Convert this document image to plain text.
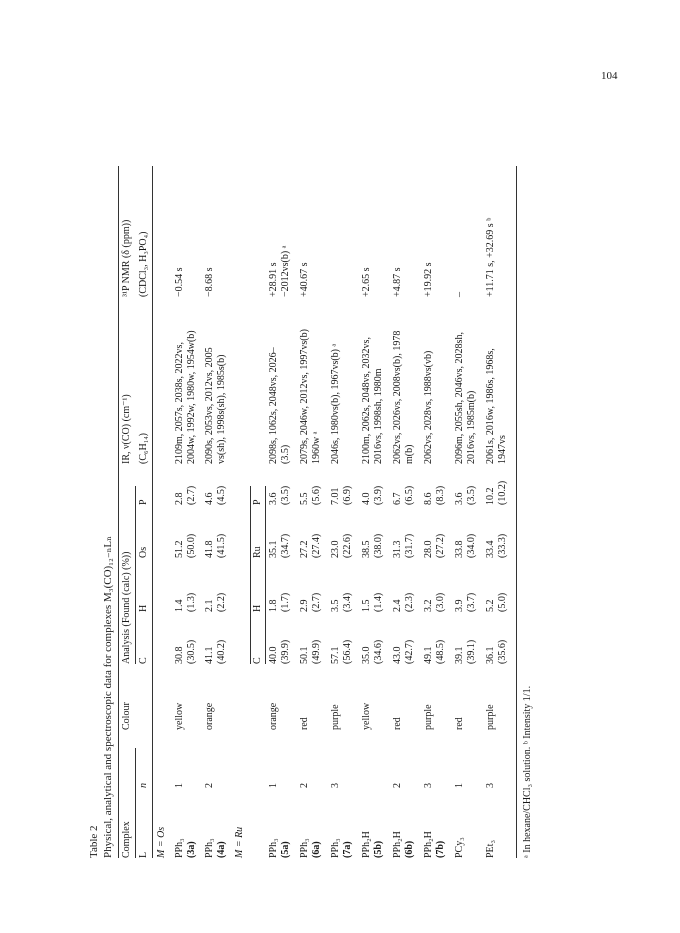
104
Table 2 Physical, analytical and spectroscopic data for complexes M₃(CO)₁₂₋ₙLₙ Complex
Colour
Analysis (Found (calc) (%))
IR, ν(CO) (cm⁻¹)
³¹P NMR (δ (ppm))
L
n
C
H
Os
P
(C₆H₁₄)
(CDCl₃, H₃PO₄)
M = Os PPh₃ (3a)
1
yellow
30.8 (30.5)
1.4 (1.3)
51.2 (50.0)
2.8 (2.7)
2109m, 2057s, 2038s, 2022vs, 2004w, 1992w, 1980w, 1954w(b)
−0.54 s
PPh₃ (4a)
2
orange
41.1 (40.2)
2.1 (2.2)
41.8 (41.5)
4.6 (4.5)
2090s, 2053vs, 2012vs, 2005 vs(sh), 1998s(sh), 1985s(b)
−8.68 s
M = Ru
C
H
Ru
P
PPh₃ (5a)
1
orange
40.0 (39.9)
1.8 (1.7)
35.1 (34.7)
3.6 (3.5)
2098s, 1062s, 2048vs, 2026– (3.5)
+28.91 s −2012vs(b) ᵃ
PPh₃ (6a)
2
red
50.1 (49.9)
2.9 (2.7)
27.2 (27.4)
5.5 (5.6)
2079s, 2046w, 2012vs, 1997vs(b) 1960w ᵃ
+40.67 s
PPh₃ (7a)
3
purple
57.1 (56.4)
3.5 (3.4)
23.0 (22.6)
7.01 (6.9)
2046s, 1980vs(b), 1967vs(b) ᵃ
PPh₂H (5b)
yellow
35.0 (34.6)
1.5 (1.4)
38.5 (38.0)
4.0 (3.9)
2100m, 2062s, 2048vs, 2032vs, 2016vs, 1998sh, 1980m
+2.65 s
PPh₂H (6b)
2
red
43.0 (42.7)
2.4 (2.3)
31.3 (31.7)
6.7 (6.5)
2062vs, 2026vs, 2008vs(b), 1978 m(b)
+4.87 s
PPh₂H (7b)
3
purple
49.1 (48.5)
3.2 (3.0)
28.0 (27.2)
8.6 (8.3)
2062vs, 2028vs, 1988vs(vb)
+19.92 s
PCy₃
1
red
39.1 (39.1)
3.9 (3.7)
33.8 (34.0)
3.6 (3.5)
2096m, 2055sh, 2046vs, 2028sh, 2016vs, 1985m(b)
–
PEt₃
3
purple
36.1 (35.6)
5.2 (5.0)
33.4 (33.3)
10.2 (10.2)
2061s, 2016w, 1986s, 1968s, 1947vs
+11.71 s, +32.69 s ᵇ
ᵃ In hexane/CHCl₃ solution. ᵇ Intensity 1/1.
